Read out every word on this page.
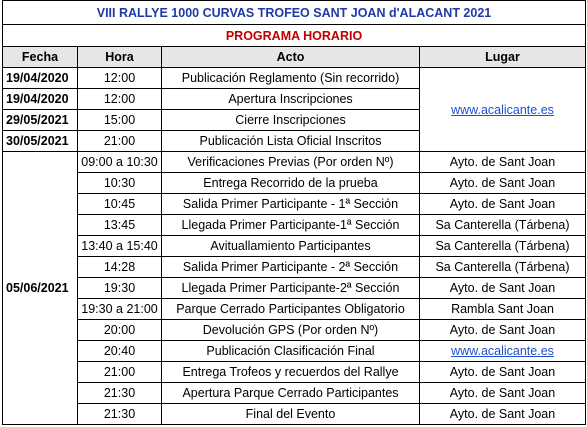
VIII RALLYE 1000 CURVAS TROFEO SANT JOAN d'ALACANT 2021			
PROGRAMA HORARIO			
Fecha	Hora	Acto	Lugar
19/04/2020	12:00	Publicación Reglamento (Sin recorrido)	www.acalicante.es
19/04/2020	12:00	Apertura Inscripciones	
29/05/2021	15:00	Cierre Inscripciones	
30/05/2021	21:00	Publicación Lista Oficial Inscritos	
05/06/2021	09:00 a 10:30	Verificaciones Previas (Por orden Nº)	Ayto. de Sant Joan
	10:30	Entrega Recorrido de la prueba	Ayto. de Sant Joan
	10:45	Salida Primer Participante - 1ª Sección	Ayto. de Sant Joan
	13:45	Llegada Primer Participante-1ª Sección	Sa Canterella (Tárbena)
	13:40 a 15:40	Avituallamiento Participantes	Sa Canterella (Tárbena)
	14:28	Salida Primer Participante - 2ª Sección	Sa Canterella (Tárbena)
	19:30	Llegada Primer Participante-2ª Sección	Ayto. de Sant Joan
	19:30 a 21:00	Parque Cerrado Participantes Obligatorio	Rambla Sant Joan
	20:00	Devolución GPS (Por orden Nº)	Ayto. de Sant Joan
	20:40	Publicación Clasificación Final	www.acalicante.es
	21:00	Entrega Trofeos y recuerdos del Rallye	Ayto. de Sant Joan
	21:30	Apertura Parque Cerrado Participantes	Ayto. de Sant Joan
	21:30	Final del Evento	Ayto. de Sant Joan
